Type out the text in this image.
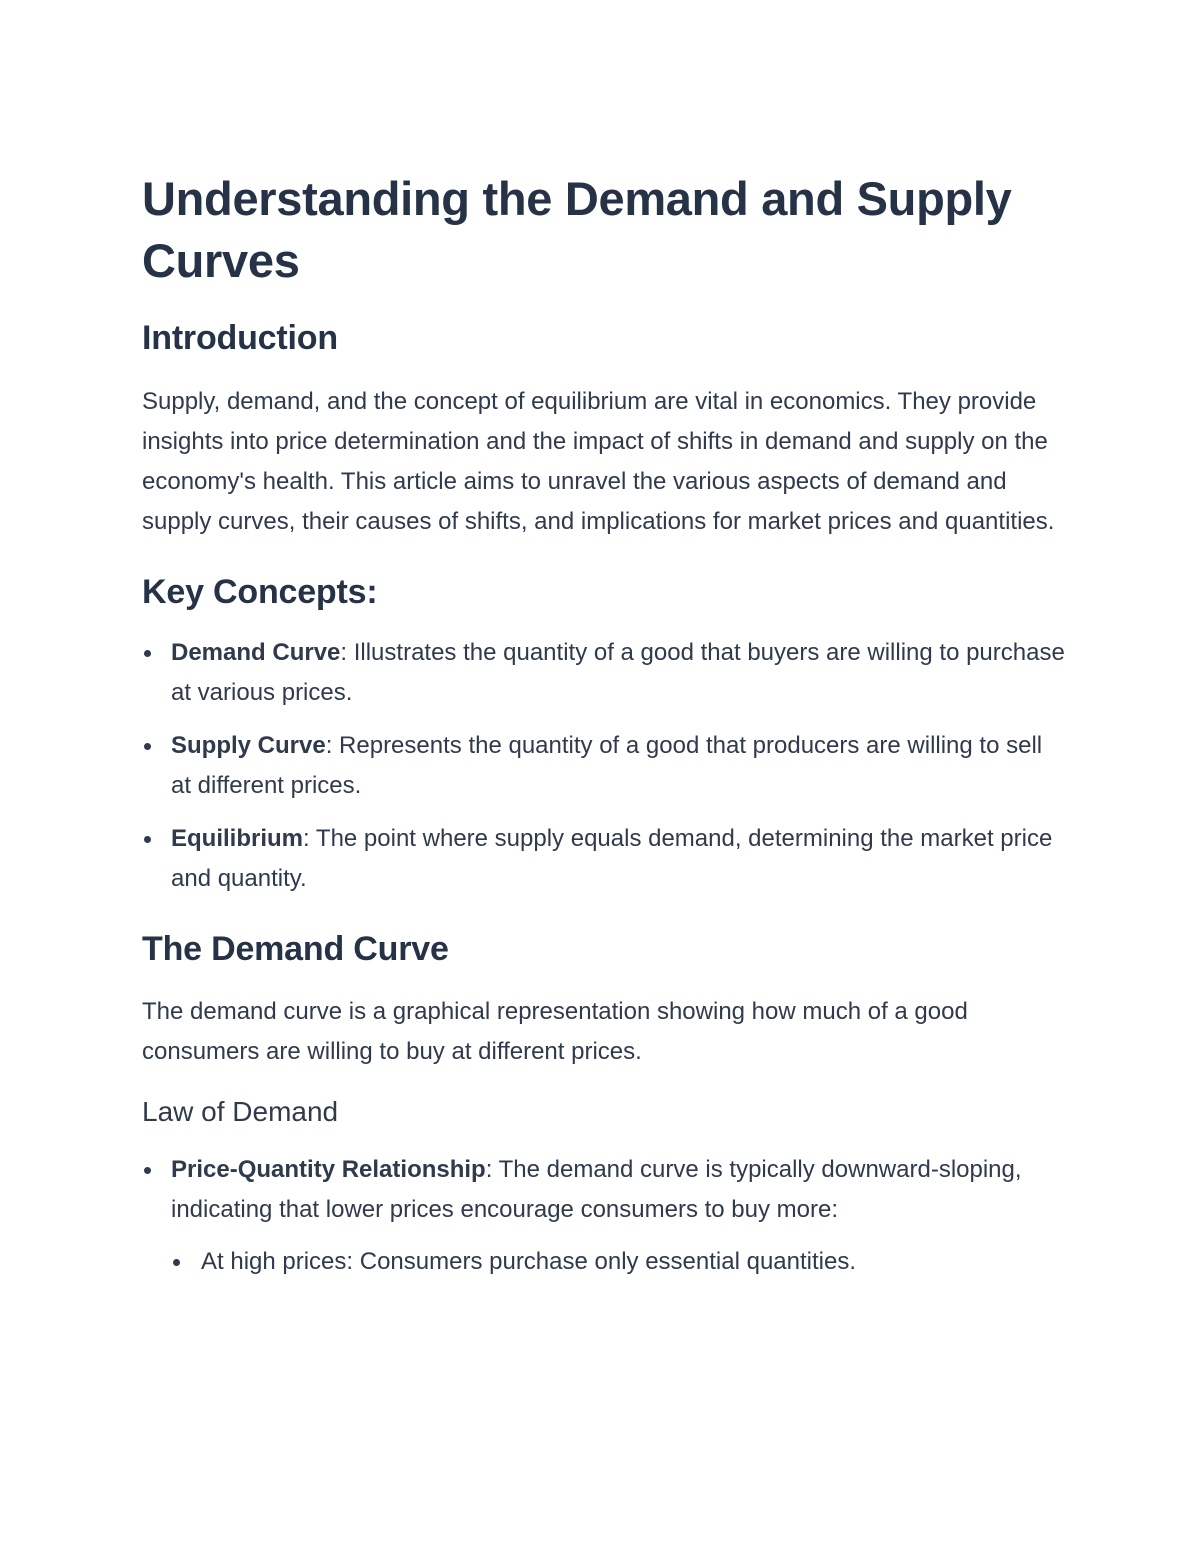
Understanding the Demand and Supply Curves
Introduction

Supply, demand, and the concept of equilibrium are vital in economics. They provide insights into price determination and the impact of shifts in demand and supply on the economy's health. This article aims to unravel the various aspects of demand and supply curves, their causes of shifts, and implications for market prices and quantities.

Key Concepts:
Demand Curve: Illustrates the quantity of a good that buyers are willing to purchase at various prices.
Supply Curve: Represents the quantity of a good that producers are willing to sell at different prices.
Equilibrium: The point where supply equals demand, determining the market price and quantity.
The Demand Curve

The demand curve is a graphical representation showing how much of a good consumers are willing to buy at different prices.

Law of Demand
Price-Quantity Relationship: The demand curve is typically downward-sloping, indicating that lower prices encourage consumers to buy more:
At high prices: Consumers purchase only essential quantities.
